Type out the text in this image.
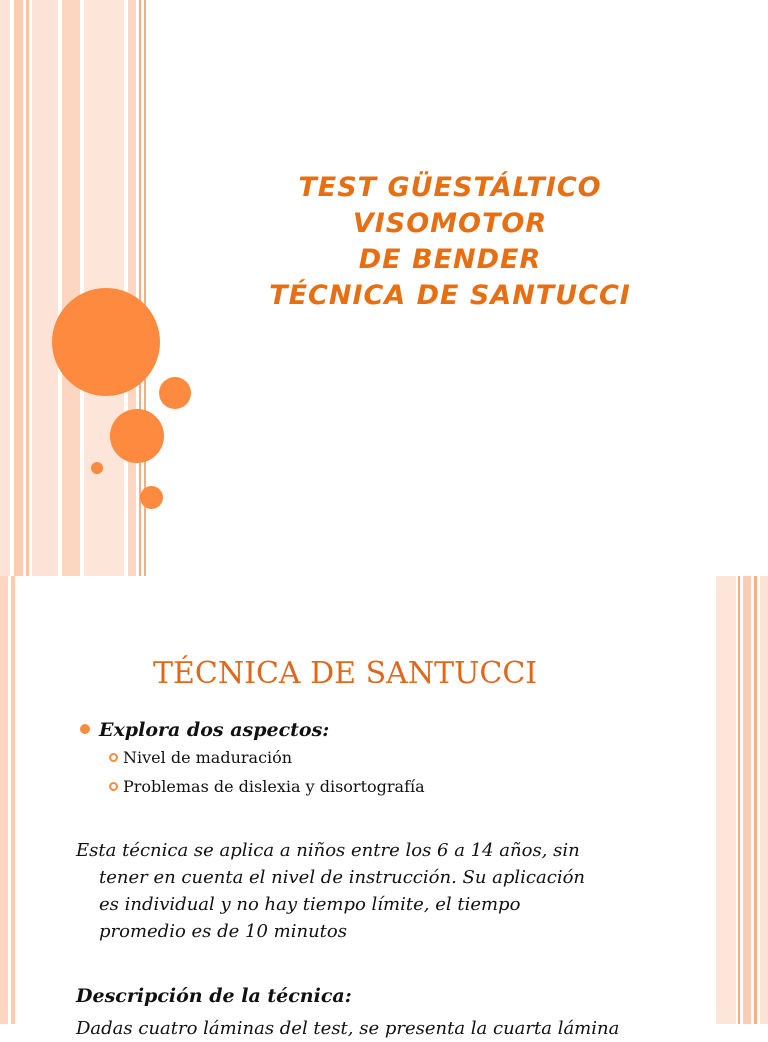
TEST GÜESTÁLTICO
VISOMOTOR
DE BENDER
TÉCNICA DE SANTUCCI
TÉCNICA DE SANTUCCI
Explora dos aspectos:
Nivel de maduración
Problemas de dislexia y disortografía
Esta técnica se aplica a niños entre los 6 a 14 años, sin
tener en cuenta el nivel de instrucción. Su aplicación
es individual y no hay tiempo límite, el tiempo
promedio es de 10 minutos
Descripción de la técnica:
Dadas cuatro láminas del test, se presenta la cuarta lámina
